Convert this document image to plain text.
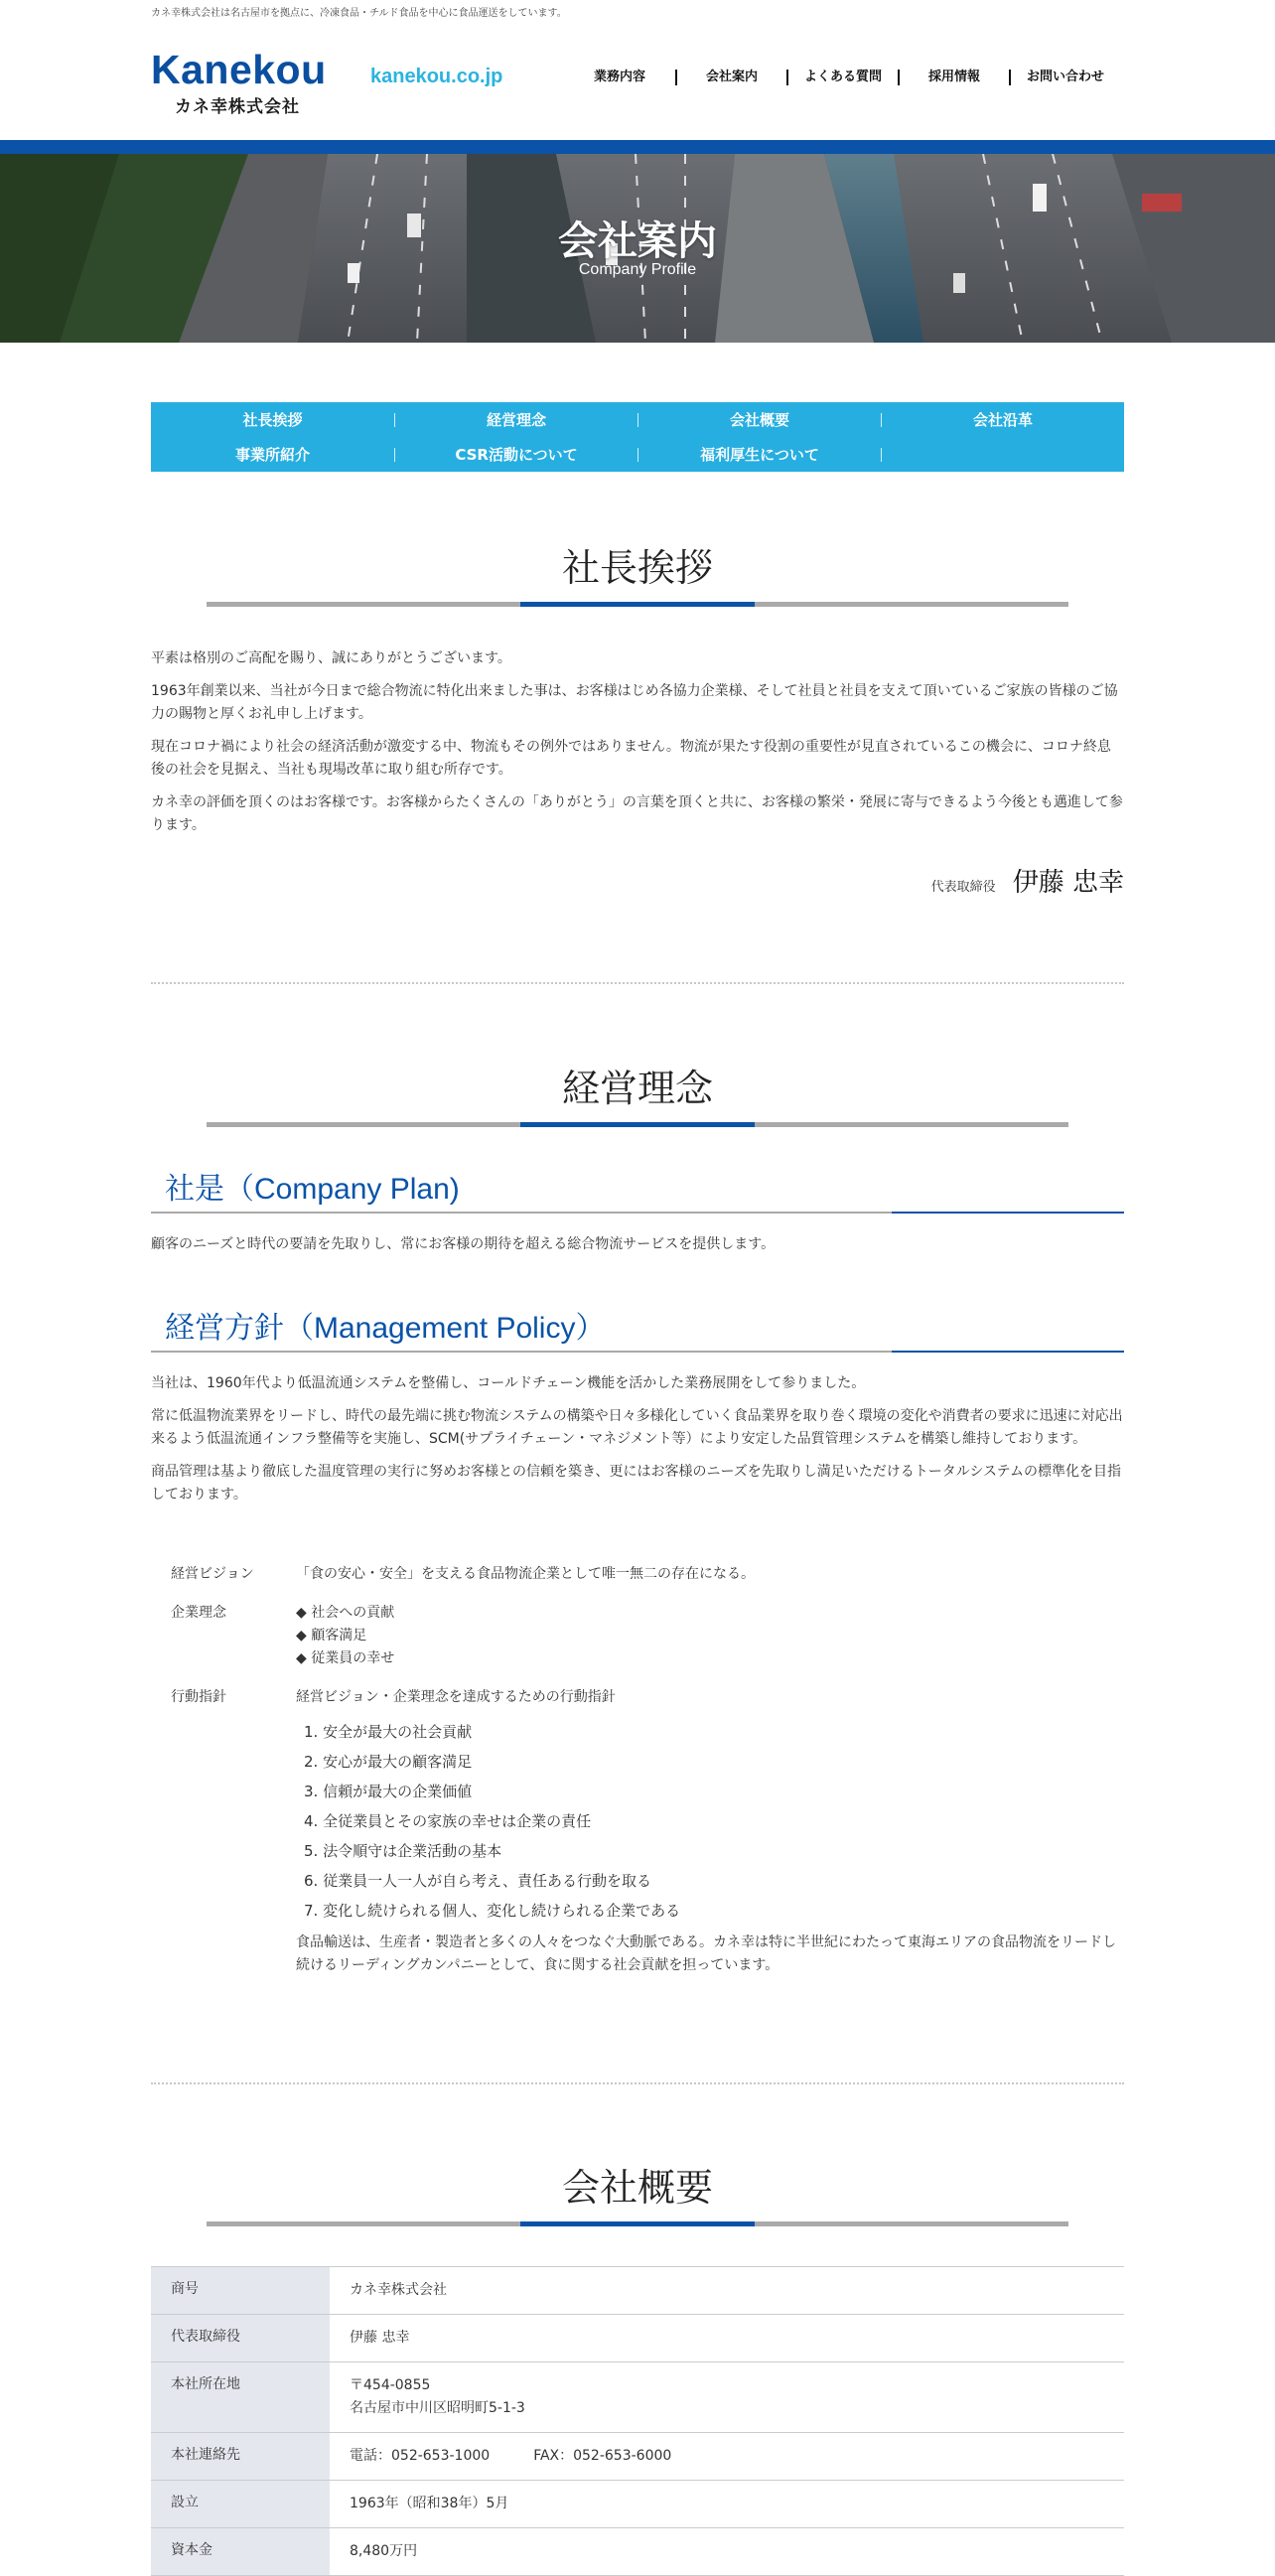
カネ幸株式会社は名古屋市を拠点に、冷凍食品・チルド食品を中心に食品運送をしています。
Kanekou
カネ幸株式会社
kanekou.co.jp	業務内容	会社案内	よくある質問	採用情報	お問い合わせ
会社案内
Company Profile
社長挨拶	経営理念	会社概要	会社沿革
事業所紹介	CSR活動について	福利厚生について
社長挨拶

平素は格別のご高配を賜り、誠にありがとうございます。

1963年創業以来、当社が今日まで総合物流に特化出来ました事は、お客様はじめ各協力企業様、そして社員と社員を支えて頂いているご家族の皆様のご協力の賜物と厚くお礼申し上げます。

現在コロナ禍により社会の経済活動が激変する中、物流もその例外ではありません。物流が果たす役割の重要性が見直されているこの機会に、コロナ終息後の社会を見据え、当社も現場改革に取り組む所存です。

カネ幸の評価を頂くのはお客様です。お客様からたくさんの「ありがとう」の言葉を頂くと共に、お客様の繁栄・発展に寄与できるよう今後とも邁進して参ります。

代表取締役 伊藤 忠幸
経営理念
社是（Company Plan)
顧客のニーズと時代の要請を先取りし、常にお客様の期待を超える総合物流サービスを提供します。
経営方針（Management Policy）

当社は、1960年代より低温流通システムを整備し、コールドチェーン機能を活かした業務展開をして参りました。

常に低温物流業界をリードし、時代の最先端に挑む物流システムの構築や日々多様化していく食品業界を取り巻く環境の変化や消費者の要求に迅速に対応出来るよう低温流通インフラ整備等を実施し、SCM(サプライチェーン・マネジメント等）により安定した品質管理システムを構築し維持しております。

商品管理は基より徹底した温度管理の実行に努めお客様との信頼を築き、更にはお客様のニーズを先取りし満足いただけるトータルシステムの標準化を目指しております。

経営ビジョン	「食の安心・安全」を支える食品物流企業として唯一無二の存在になる。
企業理念	◆ 社会への貢献
◆ 顧客満足
◆ 従業員の幸せ
行動指針	経営ビジョン・企業理念を達成するための行動指針
1. 安全が最大の社会貢献
2. 安心が最大の顧客満足
3. 信頼が最大の企業価値
4. 全従業員とその家族の幸せは企業の責任
5. 法令順守は企業活動の基本
6. 従業員一人一人が自ら考え、責任ある行動を取る
7. 変化し続けられる個人、変化し続けられる企業である
食品輸送は、生産者・製造者と多くの人々をつなぐ大動脈である。カネ幸は特に半世紀にわたって東海エリアの食品物流をリードし続けるリーディングカンパニーとして、食に関する社会貢献を担っています。
会社概要
商号	カネ幸株式会社
代表取締役	伊藤 忠幸
本社所在地	〒454-0855
名古屋市中川区昭明町5-1-3
本社連絡先	電話：052-653-1000	FAX：052-653-6000
設立	1963年（昭和38年）5月
資本金	8,480万円
